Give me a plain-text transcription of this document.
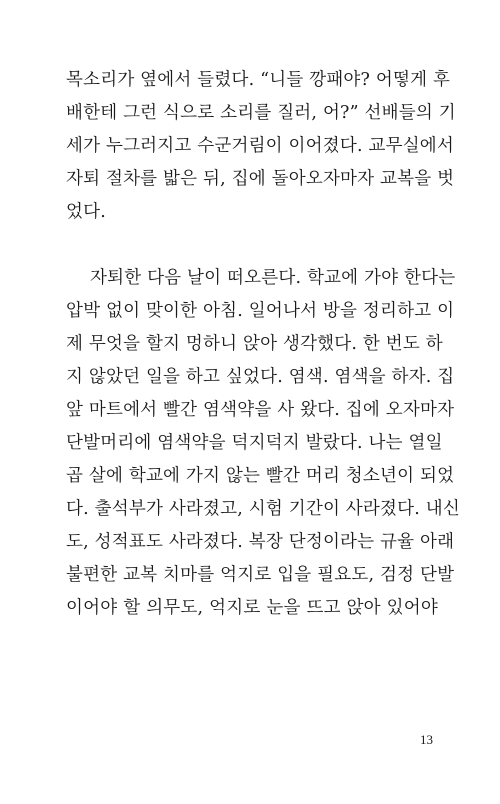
목소리가 옆에서 들렸다. “니들 깡패야? 어떻게 후
배한테 그런 식으로 소리를 질러, 어?” 선배들의 기
세가 누그러지고 수군거림이 이어졌다. 교무실에서
자퇴 절차를 밟은 뒤, 집에 돌아오자마자 교복을 벗
었다.
자퇴한 다음 날이 떠오른다. 학교에 가야 한다는
압박 없이 맞이한 아침. 일어나서 방을 정리하고 이
제 무엇을 할지 멍하니 앉아 생각했다. 한 번도 하
지 않았던 일을 하고 싶었다. 염색. 염색을 하자. 집
앞 마트에서 빨간 염색약을 사 왔다. 집에 오자마자
단발머리에 염색약을 덕지덕지 발랐다. 나는 열일
곱 살에 학교에 가지 않는 빨간 머리 청소년이 되었
다. 출석부가 사라졌고, 시험 기간이 사라졌다. 내신
도, 성적표도 사라졌다. 복장 단정이라는 규율 아래
불편한 교복 치마를 억지로 입을 필요도, 검정 단발
이어야 할 의무도, 억지로 눈을 뜨고 앉아 있어야
13
